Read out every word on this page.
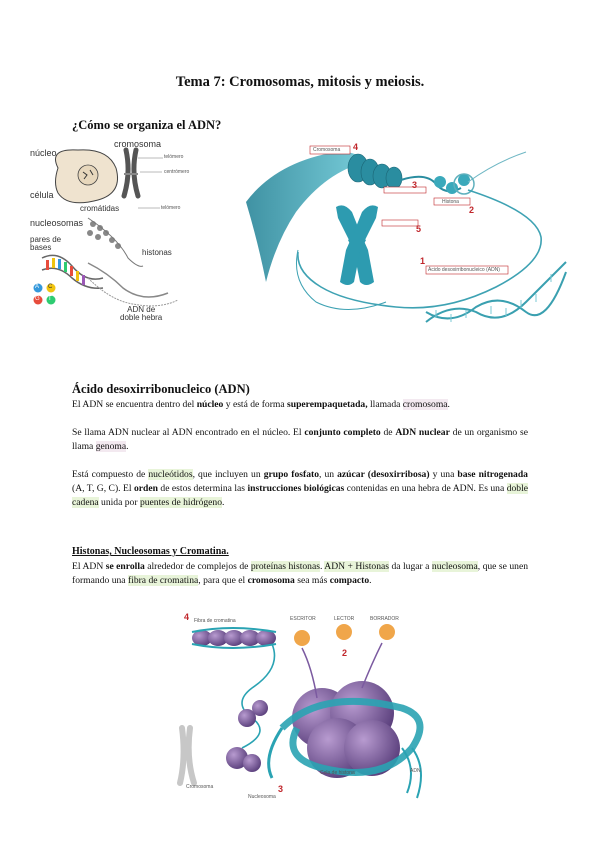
Tema 7: Cromosomas, mitosis y meiosis.
¿Cómo se organiza el ADN?
núcleo
cromosoma
célula
cromátidas
nucleosomas
pares de
bases
histonas
ADN de
doble hebra
telómero
centrómero
telómero
A C
G T
Cromosoma 4
3
Histona
2
5
1
Ácido desoxirribonucleico (ADN)
Ácido desoxirribonucleico (ADN)
El ADN se encuentra dentro del núcleo y está de forma superempaquetada, llamada cromosoma.
Se llama ADN nuclear al ADN encontrado en el núcleo. El conjunto completo de ADN nuclear de un organismo se llama genoma.
Está compuesto de nucleótidos, que incluyen un grupo fosfato, un azúcar (desoxirribosa) y una base nitrogenada (A, T, G, C). El orden de estos determina las instrucciones biológicas contenidas en una hebra de ADN. Es una doble cadena unida por puentes de hidrógeno.
Histonas, Nucleosomas y Cromatina.
El ADN se enrolla alrededor de complejos de proteínas histonas. ADN + Histonas da lugar a nucleosoma, que se unen formando una fibra de cromatina, para que el cromosoma sea más compacto.
Fibra de cromatina
4	ESCRITOR	LECTOR	BORRADOR
2
Cromosoma
Nucleosoma
3
Cola de histona	ADN
